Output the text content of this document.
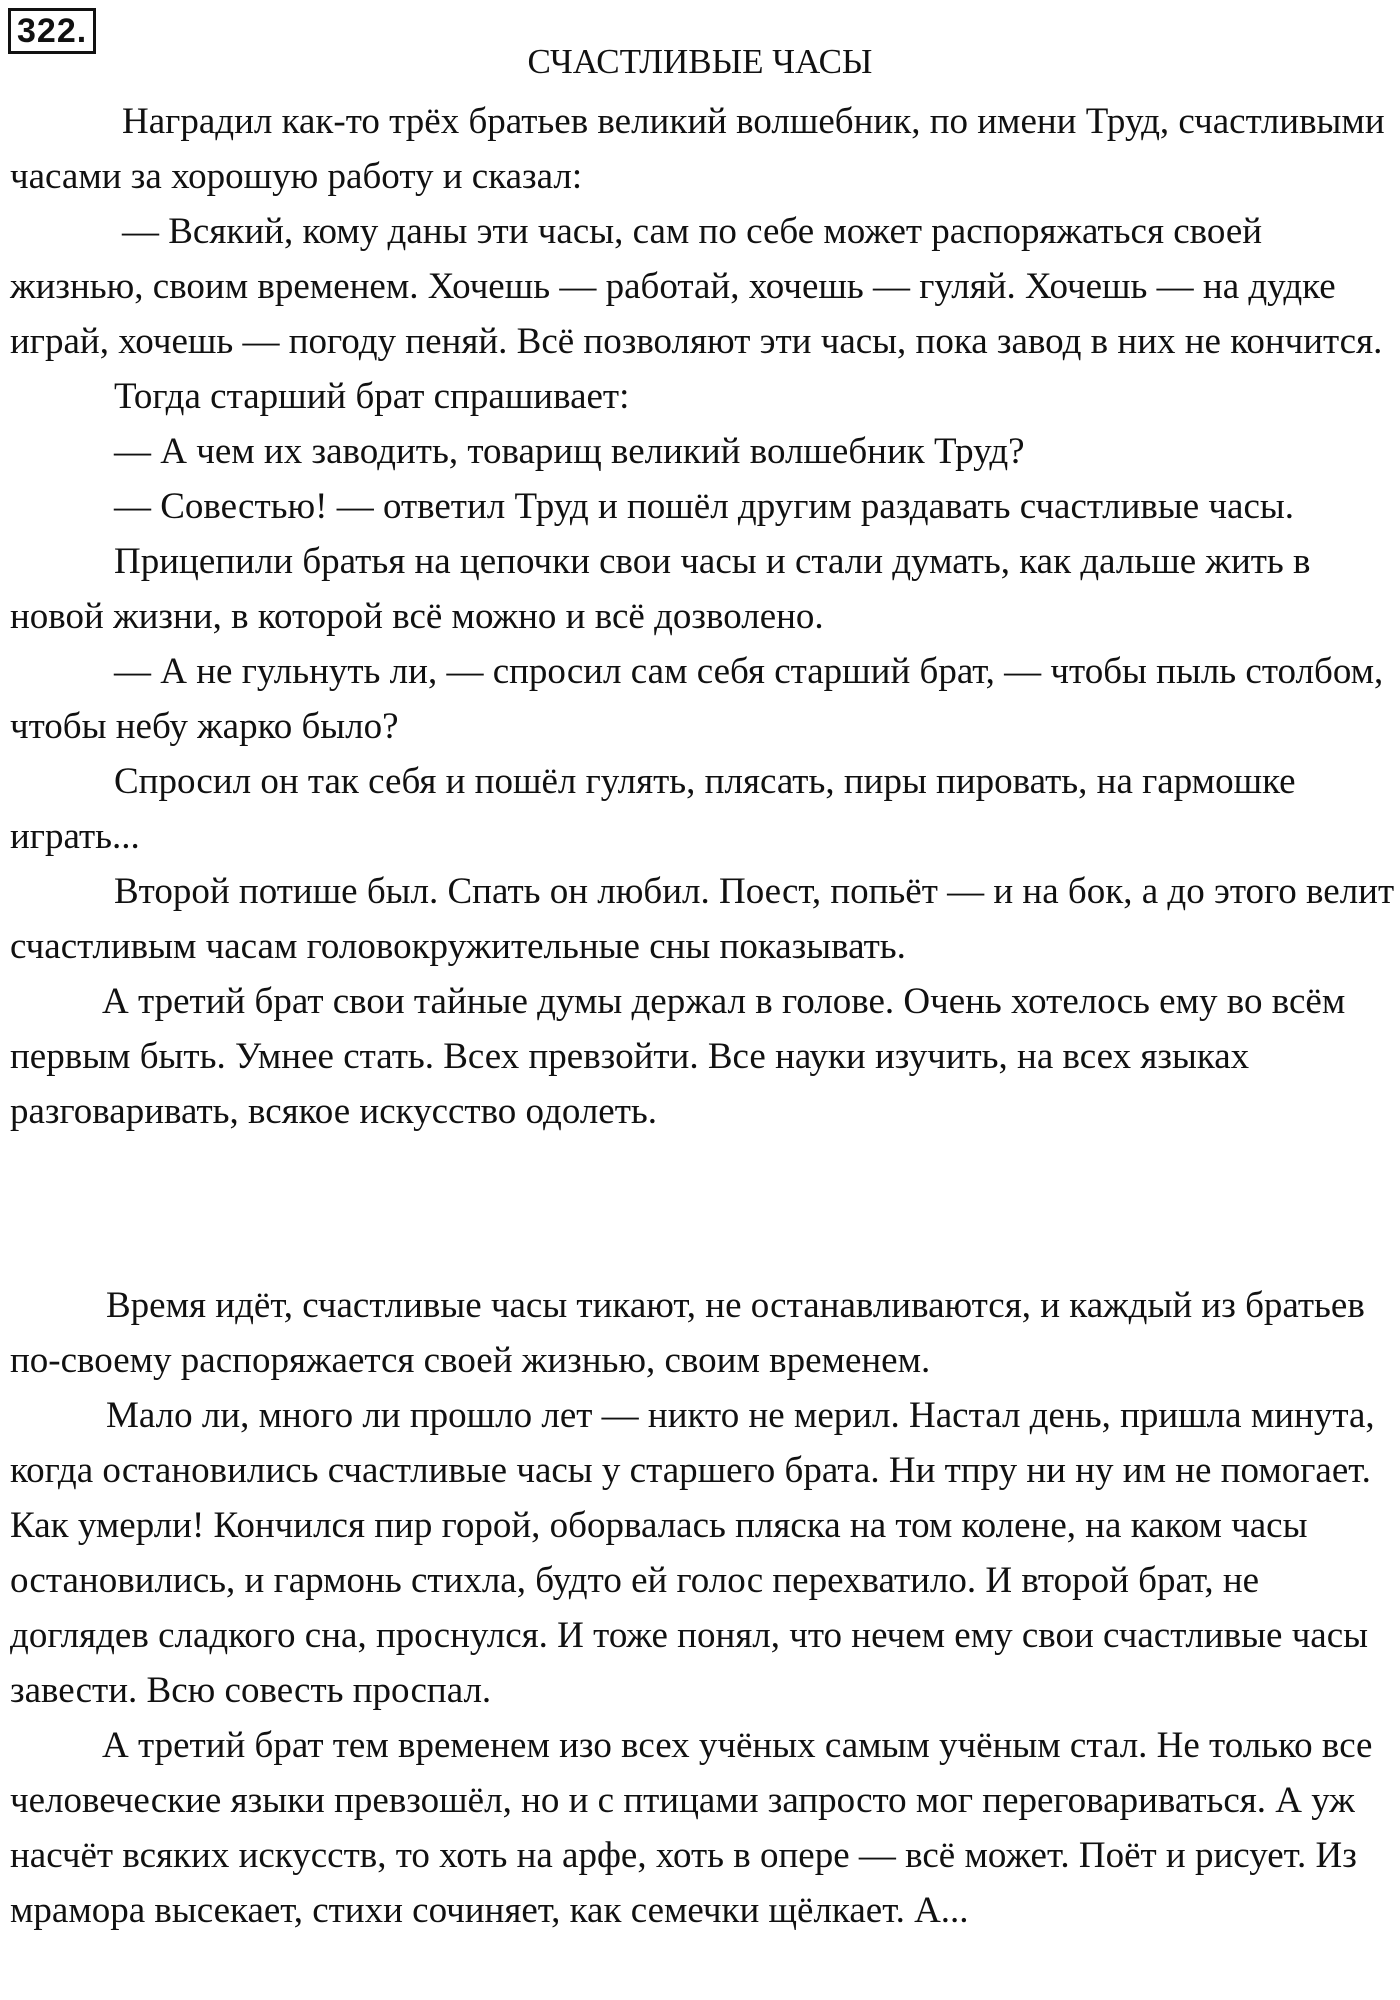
322.
СЧАСТЛИВЫЕ ЧАСЫ

Наградил как-то трёх братьев великий волшебник, по имени Труд, счастливыми часами за хорошую работу и сказал:

— Всякий, кому даны эти часы, сам по себе может распоряжаться своей жизнью, своим временем. Хочешь — работай, хочешь — гуляй. Хочешь — на дудке играй, хочешь — погоду пеняй. Всё позволяют эти часы, пока завод в них не кончится.

Тогда старший брат спрашивает:

— А чем их заводить, товарищ великий волшебник Труд?

— Совестью! — ответил Труд и пошёл другим раздавать счастливые часы.

Прицепили братья на цепочки свои часы и стали думать, как дальше жить в новой жизни, в которой всё можно и всё дозволено.

— А не гульнуть ли, — спросил сам себя старший брат, — чтобы пыль столбом, чтобы небу жарко было?

Спросил он так себя и пошёл гулять, плясать, пиры пировать, на гармошке играть...

Второй потише был. Спать он любил. Поест, попьёт — и на бок, а до этого велит счастливым часам головокружительные сны показывать.

А третий брат свои тайные думы держал в голове. Очень хотелось ему во всём первым быть. Умнее стать. Всех превзойти. Все науки изучить, на всех языках разговаривать, всякое искусство одолеть.

Время идёт, счастливые часы тикают, не останавливаются, и каждый из братьев по-своему распоряжается своей жизнью, своим временем.

Мало ли, много ли прошло лет — никто не мерил. Настал день, пришла минута, когда остановились счастливые часы у старшего брата. Ни тпру ни ну им не помогает. Как умерли! Кончился пир горой, оборвалась пляска на том колене, на каком часы остановились, и гармонь стихла, будто ей голос перехватило. И второй брат, не доглядев сладкого сна, проснулся. И тоже понял, что нечем ему свои счастливые часы завести. Всю совесть проспал.

А третий брат тем временем изо всех учёных самым учёным стал. Не только все человеческие языки превзошёл, но и с птицами запросто мог переговариваться. А уж насчёт всяких искусств, то хоть на арфе, хоть в опере — всё может. Поёт и рисует. Из мрамора высекает, стихи сочиняет, как семечки щёлкает. А...
